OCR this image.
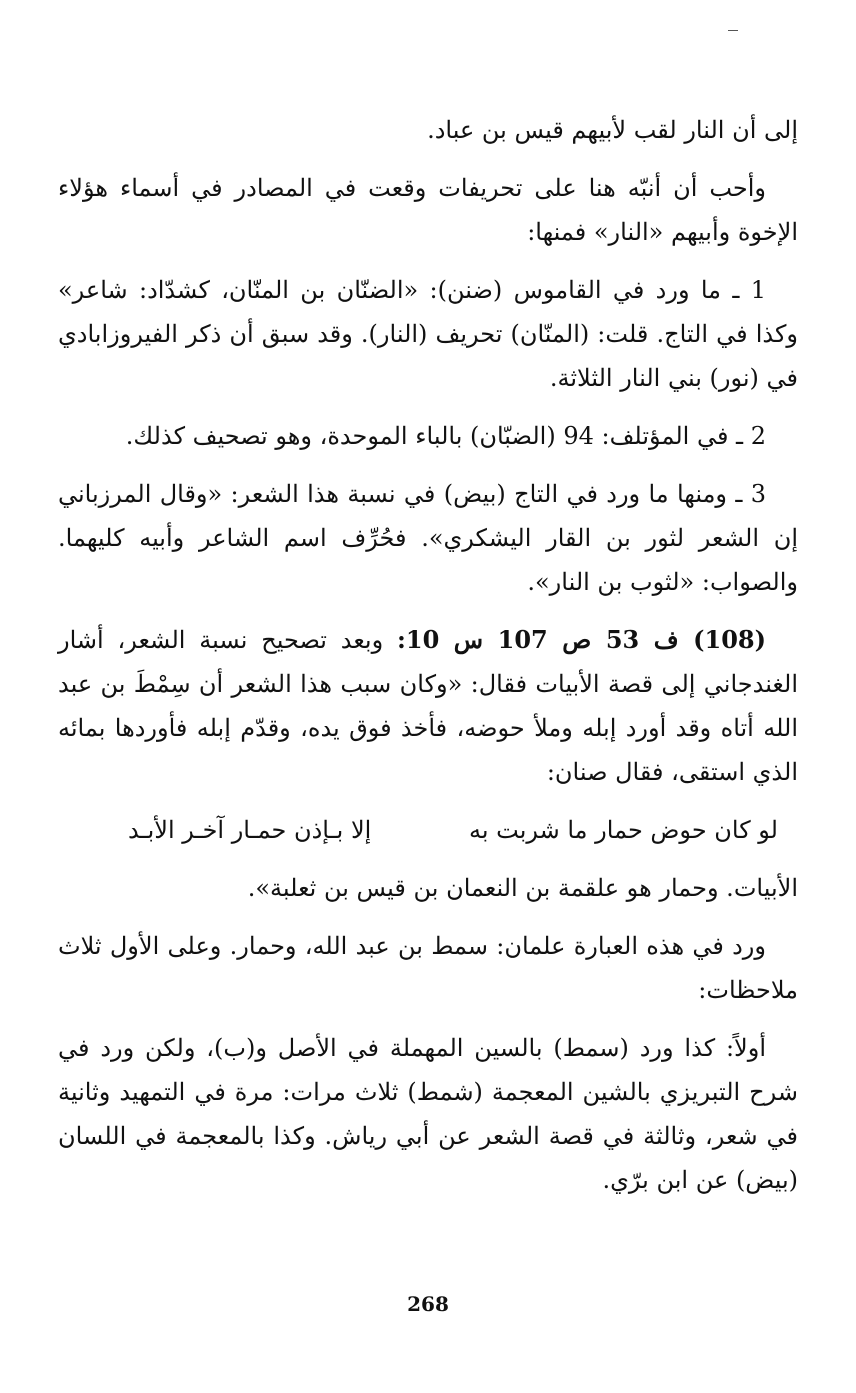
إلى أن النار لقب لأبيهم قيس بن عباد.

وأحب أن أنبّه هنا على تحريفات وقعت في المصادر في أسماء هؤلاء الإخوة وأبيهم «النار» فمنها:

1 ـ ما ورد في القاموس (ضنن): «الضنّان بن المنّان، كشدّاد: شاعر» وكذا في التاج. قلت: (المنّان) تحريف (النار). وقد سبق أن ذكر الفيروزابادي في (نور) بني النار الثلاثة.

2 ـ في المؤتلف: 94 (الضبّان) بالباء الموحدة، وهو تصحيف كذلك.

3 ـ ومنها ما ورد في التاج (بيض) في نسبة هذا الشعر: «وقال المرزباني إن الشعر لثور بن القار اليشكري». فحُرِّف اسم الشاعر وأبيه كليهما. والصواب: «لثوب بن النار».

(108) ف 53 ص 107 س 10: وبعد تصحيح نسبة الشعر، أشار الغندجاني إلى قصة الأبيات فقال: «وكان سبب هذا الشعر أن سِمْطَ بن عبد الله أتاه وقد أورد إبله وملأ حوضه، فأخذ فوق يده، وقدّم إبله فأوردها بمائه الذي استقى، فقال صنان:

لو كان حوض حمار ما شربت به
إلا بـإذن حمـار آخـر الأبـد

الأبيات. وحمار هو علقمة بن النعمان بن قيس بن ثعلبة».

ورد في هذه العبارة علمان: سمط بن عبد الله، وحمار. وعلى الأول ثلاث ملاحظات:

أولاً: كذا ورد (سمط) بالسين المهملة في الأصل و(ب)، ولكن ورد في شرح التبريزي بالشين المعجمة (شمط) ثلاث مرات: مرة في التمهيد وثانية في شعر، وثالثة في قصة الشعر عن أبي رياش. وكذا بالمعجمة في اللسان (بيض) عن ابن برّي.

268
